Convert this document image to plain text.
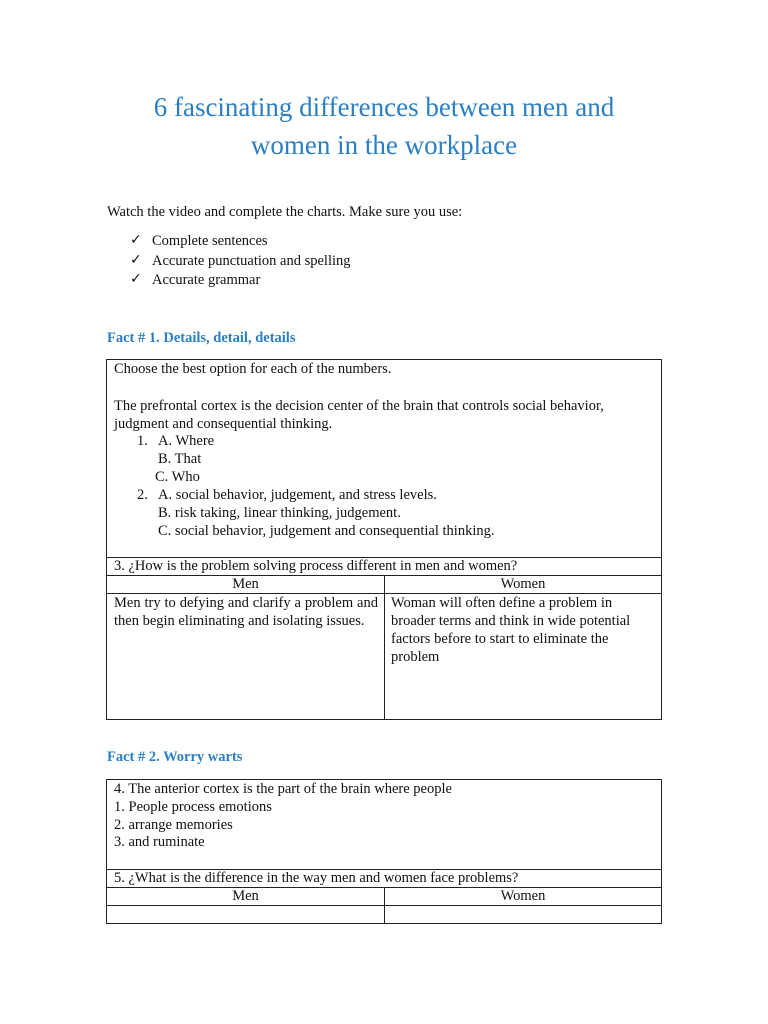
6 fascinating differences between men and
women in the workplace
Watch the video and complete the charts. Make sure you use:
✓ Complete sentences
✓ Accurate punctuation and spelling
✓ Accurate grammar
Fact # 1. Details, detail, details
Choose the best option for each of the numbers.
The prefrontal cortex is the decision center of the brain that controls social behavior,
judgment and consequential thinking.
1. A. Where
B. That
C. Who
2. A. social behavior, judgement, and stress levels.
B. risk taking, linear thinking, judgement.
C. social behavior, judgement and consequential thinking.
3. ¿How is the problem solving process different in men and women?
Men	Women
Men try to defying and clarify a problem and then begin eliminating and isolating issues.
Woman will often define a problem in broader terms and think in wide potential factors before to start to eliminate the problem
Fact # 2. Worry warts
4. The anterior cortex is the part of the brain where people
1. People process emotions
2. arrange memories
3. and ruminate
5. ¿What is the difference in the way men and women face problems?
Men	Women
